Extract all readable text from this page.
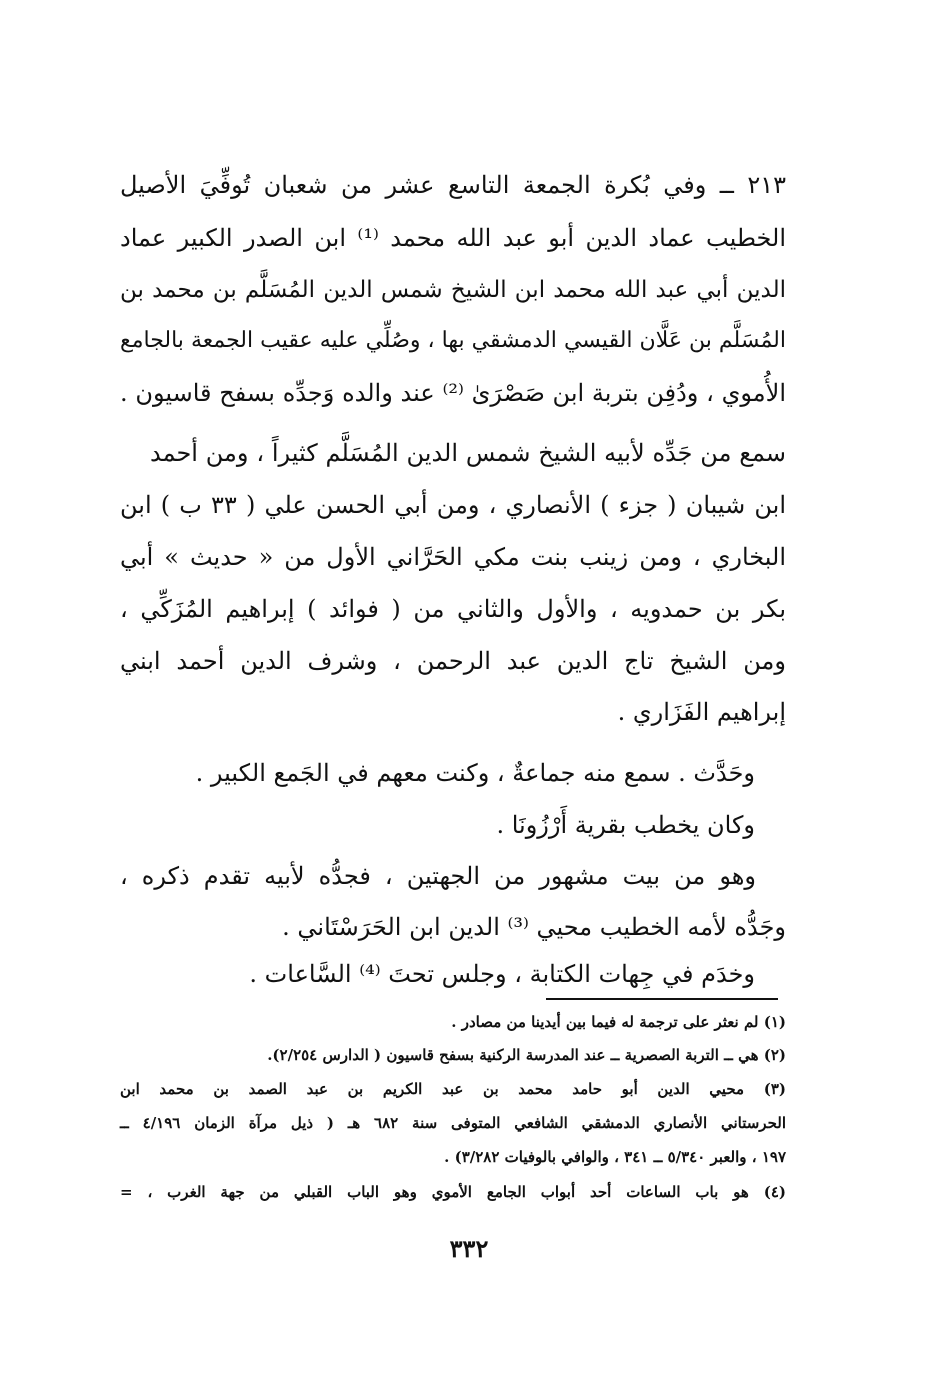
٢١٣ ــ وفي بُكرة الجمعة التاسع عشر من شعبان تُوفِّيَ الأصيل
الخطيب عماد الدين أبو عبد الله محمد ⁽¹⁾ ابن الصدر الكبير عماد
الدين أبي عبد الله محمد ابن الشيخ شمس الدين المُسَلَّم بن محمد بن
المُسَلَّم بن عَلَّان القيسي الدمشقي بها ، وصُلِّي عليه عقيب الجمعة بالجامع
الأُموي ، ودُفِن بتربة ابن صَصْرَىٰ ⁽²⁾ عند والده وَجدِّه بسفح قاسيون .
سمع من جَدِّه لأبيه الشيخ شمس الدين المُسَلَّم كثيراً ، ومن أحمد
ابن شيبان ( جزء ) الأنصاري ، ومن أبي الحسن علي ( ٣٣ ب ) ابن
البخاري ، ومن زينب بنت مكي الحَرَّاني الأول من « حديث » أبي
بكر بن حمدويه ، والأول والثاني من ( فوائد ) إبراهيم المُزَكِّي ،
ومن الشيخ تاج الدين عبد الرحمن ، وشرف الدين أحمد ابني
إبراهيم الفَزَاري .
وحَدَّث . سمع منه جماعةٌ ، وكنت معهم في الجَمع الكبير .
وكان يخطب بقرية أَرْزُونَا .
وهو من بيت مشهور من الجهتين ، فجدُّه لأبيه تقدم ذكره ،
وجَدُّه لأمه الخطيب محيي ⁽³⁾ الدين ابن الحَرَسْتَاني .
وخدَم في جِهات الكتابة ، وجلس تحتَ ⁽⁴⁾ السَّاعات .
(١) لم نعثر على ترجمة له فيما بين أيدينا من مصادر .
(٢) هي ــ التربة الصصرية ــ عند المدرسة الركنية بسفح قاسيون ( الدارس ٢/٢٥٤).
(٣) محيي الدين أبو حامد محمد بن عبد الكريم بن عبد الصمد بن محمد ابن
الحرستاني الأنصاري الدمشقي الشافعي المتوفى سنة ٦٨٢ هـ ( ذيل مرآة الزمان ٤/١٩٦ ــ
١٩٧ ، والعبر ٥/٣٤٠ ــ ٣٤١ ، والوافي بالوفيات ٣/٢٨٢) .
(٤) هو باب الساعات أحد أبواب الجامع الأموي وهو الباب القبلي من جهة الغرب ، =
٣٣٢
